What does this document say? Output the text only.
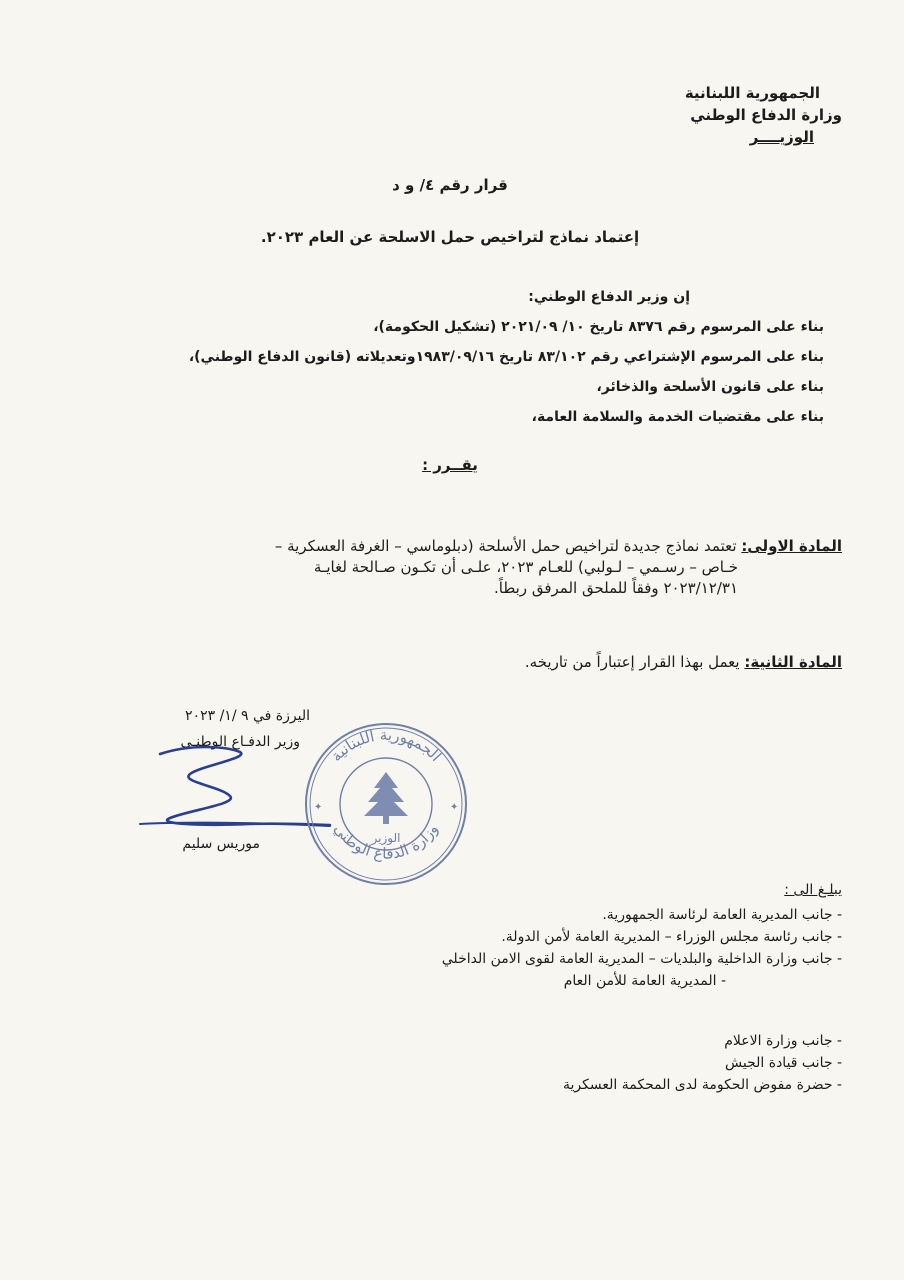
الجمهورية اللبنانية
وزارة الدفاع الوطني
الوزيــــر
قرار رقم ٤/ و د
إعتماد نماذج لتراخيص حمل الاسلحة عن العام ٢٠٢٣.
إن وزير الدفاع الوطني:
بناء على المرسوم رقم ٨٣٧٦ تاريخ ١٠/ ٢٠٢١/٠٩ (تشكيل الحكومة)،
بناء على المرسوم الإشتراعي رقم ٨٣/١٠٢ تاريخ ١٩٨٣/٠٩/١٦وتعديلاته (قانون الدفاع الوطني)،
بناء على قانون الأسلحة والذخائر،
بناء على مقتضيات الخدمة والسلامة العامة،
يقــرر :
المادة الاولى: تعتمد نماذج جديدة لتراخيص حمل الأسلحة (دبلوماسي – الغرفة العسكرية –
خـاص – رسـمي – لـولبي) للعـام ٢٠٢٣، علـى أن تكـون صـالحة لغايـة
٢٠٢٣/١٢/٣١ وفقاً للملحق المرفق ربطاً.
المادة الثانية: يعمل بهذا القرار إعتباراً من تاريخه.
اليرزة في ٩ /١/ ٢٠٢٣
وزير الدفـاع الوطنـي
موريس سليم
الجمهورية اللبنانية
وزارة الدفاع الوطني
الوزير
✦	✦
يبلـغ الى :
- جانب المديرية العامة لرئاسة الجمهورية.
- جانب رئاسة مجلس الوزراء – المديرية العامة لأمن الدولة.
- جانب وزارة الداخلية والبلديات – المديرية العامة لقوى الامن الداخلي
- المديرية العامة للأمن العام
- جانب وزارة الاعلام
- جانب قيادة الجيش
- حضرة مفوض الحكومة لدى المحكمة العسكرية
